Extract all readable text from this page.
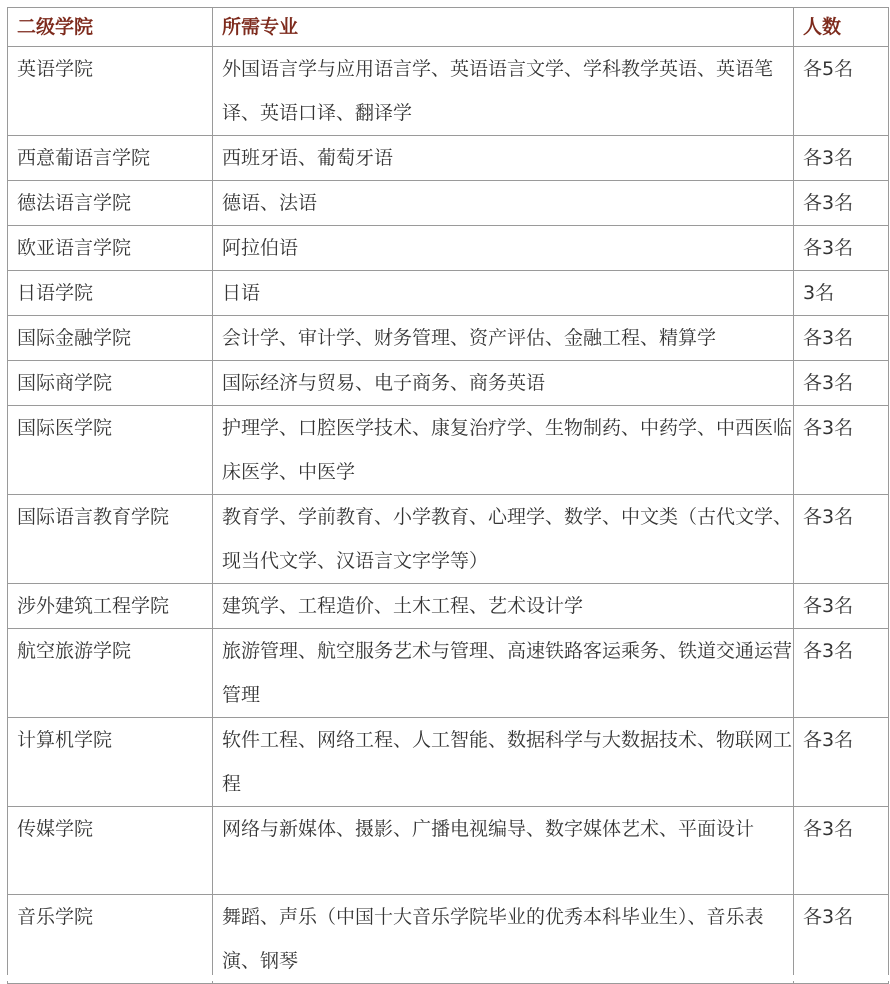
二级学院	所需专业	人数
英语学院	外国语言学与应用语言学、英语语言文学、学科教学英语、英语笔译、英语口译、翻译学	各5名
西意葡语言学院	西班牙语、葡萄牙语	各3名
德法语言学院	德语、法语	各3名
欧亚语言学院	阿拉伯语	各3名
日语学院	日语	3名
国际金融学院	会计学、审计学、财务管理、资产评估、金融工程、精算学	各3名
国际商学院	国际经济与贸易、电子商务、商务英语	各3名
国际医学院	护理学、口腔医学技术、康复治疗学、生物制药、中药学、中西医临床医学、中医学	各3名
国际语言教育学院	教育学、学前教育、小学教育、心理学、数学、中文类（古代文学、现当代文学、汉语言文字学等）	各3名
涉外建筑工程学院	建筑学、工程造价、土木工程、艺术设计学	各3名
航空旅游学院	旅游管理、航空服务艺术与管理、高速铁路客运乘务、铁道交通运营管理	各3名
计算机学院	软件工程、网络工程、人工智能、数据科学与大数据技术、物联网工程	各3名
传媒学院	网络与新媒体、摄影、广播电视编导、数字媒体艺术、平面设计	各3名
音乐学院	舞蹈、声乐（中国十大音乐学院毕业的优秀本科毕业生）、音乐表演、钢琴	各3名
